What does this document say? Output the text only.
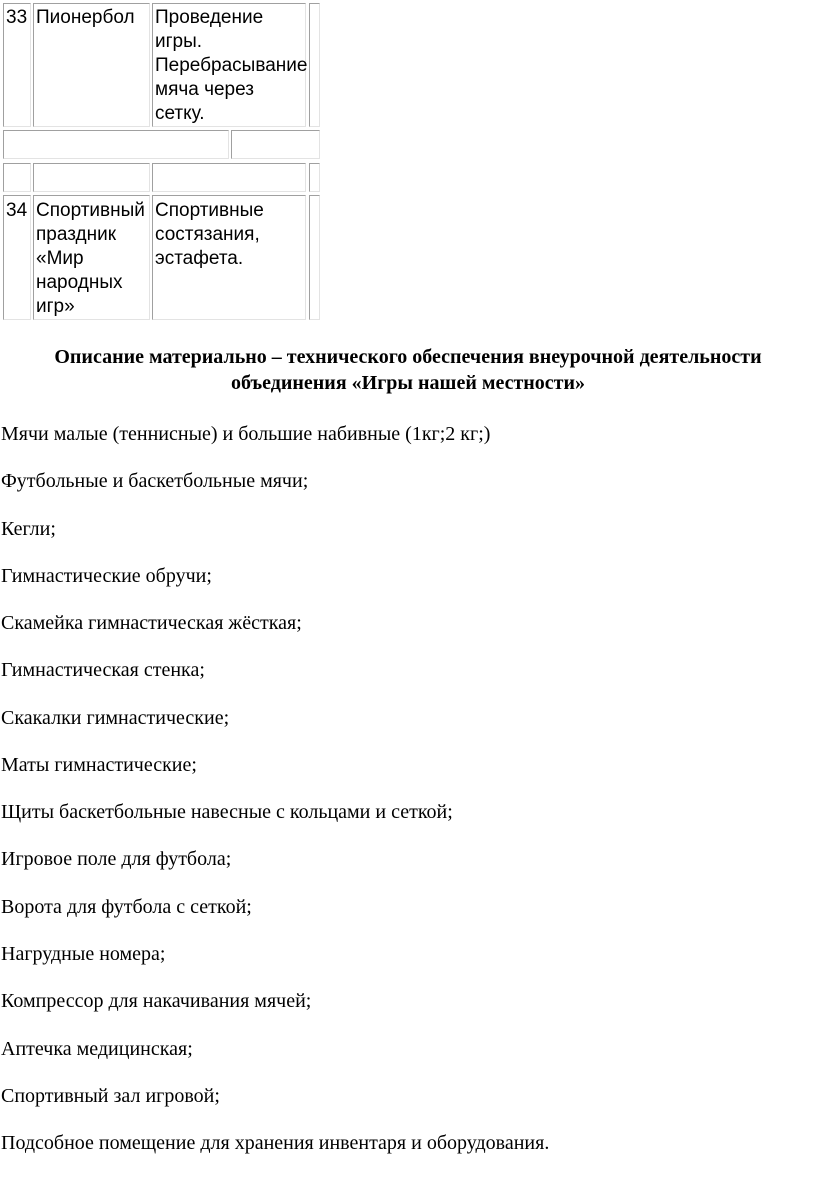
33 Пионербол Проведение
игры.
Перебрасывание
мяча через
сетку.
34 Спортивный
праздник
«Мир
народных
игр»
Спортивные
состязания,
эстафета.
Описание материально – технического обеспечения внеурочной деятельности
объединения «Игры нашей местности»
Мячи малые (теннисные) и большие набивные (1кг;2 кг;)
Футбольные и баскетбольные мячи;
Кегли;
Гимнастические обручи;
Скамейка гимнастическая жёсткая;
Гимнастическая стенка;
Скакалки гимнастические;
Маты гимнастические;
Щиты баскетбольные навесные с кольцами и сеткой;
Игровое поле для футбола;
Ворота для футбола с сеткой;
Нагрудные номера;
Компрессор для накачивания мячей;
Аптечка медицинская;
Спортивный зал игровой;
Подсобное помещение для хранения инвентаря и оборудования.
